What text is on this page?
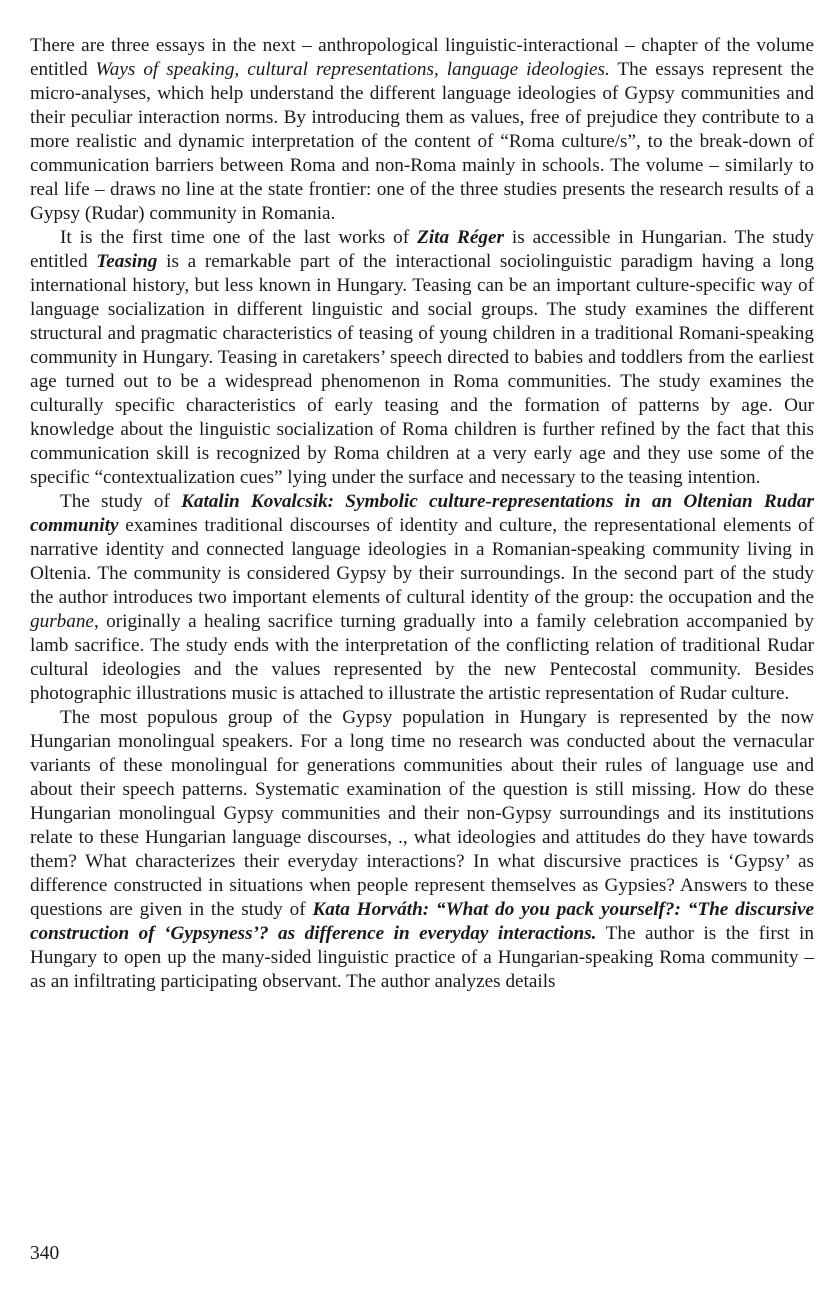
There are three essays in the next – anthropological linguistic-interactional – chapter of the volume entitled Ways of speaking, cultural representations, language ideologies. The essays represent the micro-analyses, which help understand the different language ideologies of Gypsy communities and their peculiar interaction norms. By introducing them as values, free of prejudice they contribute to a more realistic and dynamic interpretation of the content of “Roma culture/s”, to the break-down of communication barriers between Roma and non-Roma mainly in schools. The volume – similarly to real life – draws no line at the state frontier: one of the three studies presents the research results of a Gypsy (Rudar) community in Romania.

It is the first time one of the last works of Zita Réger is accessible in Hungarian. The study entitled Teasing is a remarkable part of the interactional sociolinguistic paradigm having a long international history, but less known in Hungary. Teasing can be an important culture-specific way of language socialization in different linguistic and social groups. The study examines the different structural and pragmatic characteristics of teasing of young children in a traditional Romani-speaking community in Hungary. Teasing in caretakers’ speech directed to babies and toddlers from the earliest age turned out to be a widespread phenomenon in Roma communities. The study examines the culturally specific characteristics of early teasing and the formation of patterns by age. Our knowledge about the linguistic socialization of Roma children is further refined by the fact that this communication skill is recognized by Roma children at a very early age and they use some of the specific “contextualization cues” lying under the surface and necessary to the teasing intention.

The study of Katalin Kovalcsik: Symbolic culture-representations in an Oltenian Rudar community examines traditional discourses of identity and culture, the representational elements of narrative identity and connected language ideologies in a Romanian-speaking community living in Oltenia. The community is considered Gypsy by their surroundings. In the second part of the study the author introduces two important elements of cultural identity of the group: the occupation and the gurbane, originally a healing sacrifice turning gradually into a family celebration accompanied by lamb sacrifice. The study ends with the interpretation of the conflicting relation of traditional Rudar cultural ideologies and the values represented by the new Pentecostal community. Besides photographic illustrations music is attached to illustrate the artistic representation of Rudar culture.

The most populous group of the Gypsy population in Hungary is represented by the now Hungarian monolingual speakers. For a long time no research was conducted about the vernacular variants of these monolingual for generations communities about their rules of language use and about their speech patterns. Systematic examination of the question is still missing. How do these Hungarian monolingual Gypsy communities and their non-Gypsy surroundings and its institutions relate to these Hungarian language discourses, ., what ideologies and attitudes do they have towards them? What characterizes their everyday interactions? In what discursive practices is ‘Gypsy’ as difference constructed in situations when people represent themselves as Gypsies? Answers to these questions are given in the study of Kata Horváth: “What do you pack yourself?: “The discursive construction of ‘Gypsyness’? as difference in everyday interactions. The author is the first in Hungary to open up the many-sided linguistic practice of a Hungarian-speaking Roma community – as an infiltrating participating observant. The author analyzes details

340
